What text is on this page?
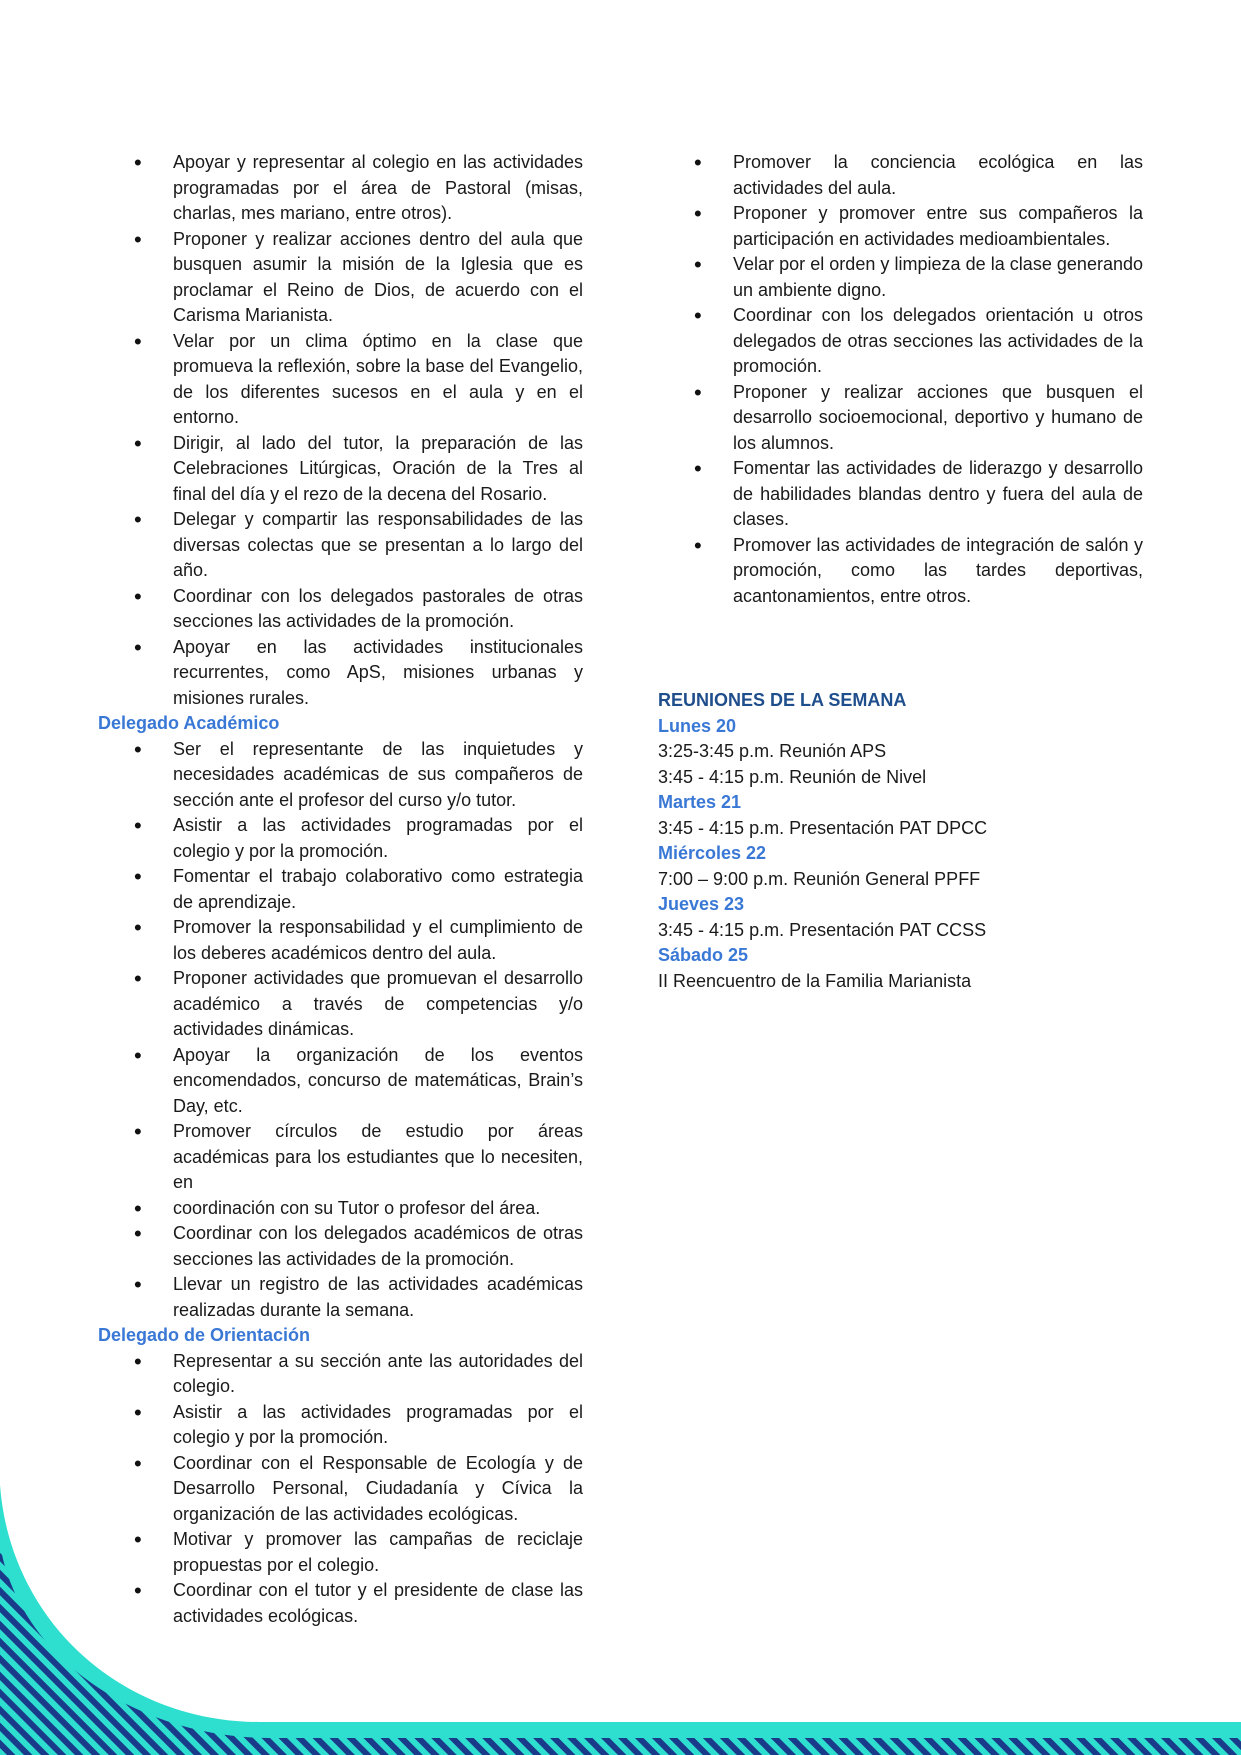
• Apoyar y representar al colegio en las actividades programadas por el área de Pastoral (misas, charlas, mes mariano, entre otros).
• Proponer y realizar acciones dentro del aula que busquen asumir la misión de la Iglesia que es proclamar el Reino de Dios, de acuerdo con el Carisma Marianista.
• Velar por un clima óptimo en la clase que promueva la reflexión, sobre la base del Evangelio, de los diferentes sucesos en el aula y en el entorno.
• Dirigir, al lado del tutor, la preparación de las Celebraciones Litúrgicas, Oración de la Tres al final del día y el rezo de la decena del Rosario.
• Delegar y compartir las responsabilidades de las diversas colectas que se presentan a lo largo del año.
• Coordinar con los delegados pastorales de otras secciones las actividades de la promoción.
• Apoyar en las actividades institucionales recurrentes, como ApS, misiones urbanas y misiones rurales.
Delegado Académico
• Ser el representante de las inquietudes y necesidades académicas de sus compañeros de sección ante el profesor del curso y/o tutor.
• Asistir a las actividades programadas por el colegio y por la promoción.
• Fomentar el trabajo colaborativo como estrategia de aprendizaje.
• Promover la responsabilidad y el cumplimiento de los deberes académicos dentro del aula.
• Proponer actividades que promuevan el desarrollo académico a través de competencias y/o actividades dinámicas.
• Apoyar la organización de los eventos encomendados, concurso de matemáticas, Brain’s Day, etc.
• Promover círculos de estudio por áreas académicas para los estudiantes que lo necesiten, en
• coordinación con su Tutor o profesor del área.
• Coordinar con los delegados académicos de otras secciones las actividades de la promoción.
• Llevar un registro de las actividades académicas realizadas durante la semana.
Delegado de Orientación
• Representar a su sección ante las autoridades del colegio.
• Asistir a las actividades programadas por el colegio y por la promoción.
• Coordinar con el Responsable de Ecología y de Desarrollo Personal, Ciudadanía y Cívica la organización de las actividades ecológicas.
• Motivar y promover las campañas de reciclaje propuestas por el colegio.
• Coordinar con el tutor y el presidente de clase las actividades ecológicas.
• Promover la conciencia ecológica en las actividades del aula.
• Proponer y promover entre sus compañeros la participación en actividades medioambientales.
• Velar por el orden y limpieza de la clase generando un ambiente digno.
• Coordinar con los delegados orientación u otros delegados de otras secciones las actividades de la promoción.
• Proponer y realizar acciones que busquen el desarrollo socioemocional, deportivo y humano de los alumnos.
• Fomentar las actividades de liderazgo y desarrollo de habilidades blandas dentro y fuera del aula de clases.
• Promover las actividades de integración de salón y promoción, como las tardes deportivas, acantonamientos, entre otros.
REUNIONES DE LA SEMANA
Lunes 20
3:25-3:45 p.m. Reunión APS
3:45 - 4:15 p.m. Reunión de Nivel
Martes 21
3:45 - 4:15 p.m. Presentación PAT DPCC
Miércoles 22
7:00 – 9:00 p.m. Reunión General PPFF
Jueves 23
3:45 - 4:15 p.m. Presentación PAT CCSS
Sábado 25
II Reencuentro de la Familia Marianista
